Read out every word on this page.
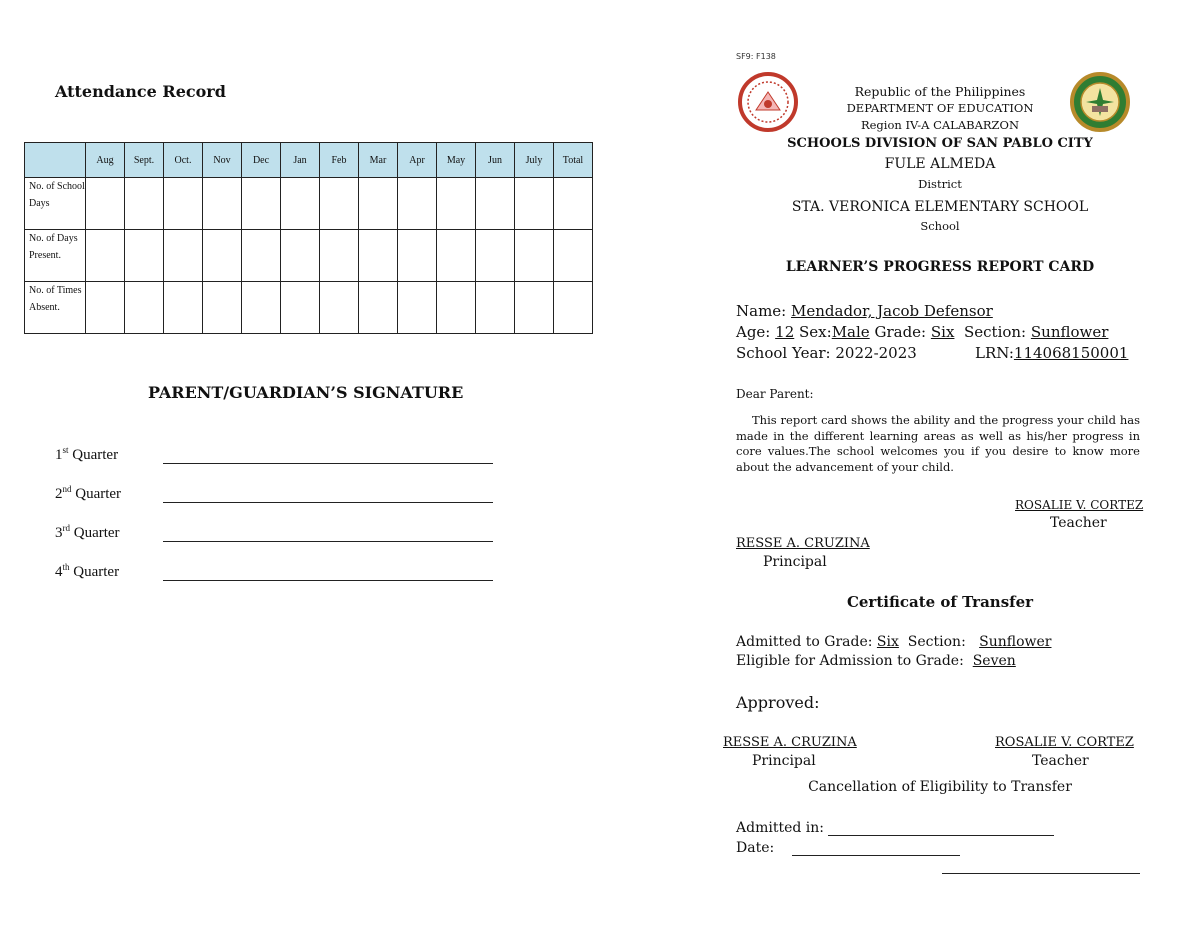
Attendance Record
	Aug	Sept.	Oct.	Nov	Dec	Jan	Feb	Mar	Apr	May	Jun	July	Total
No. of School Days													
No. of Days Present.													
No. of Times Absent.													
PARENT/GUARDIAN’S SIGNATURE
1st Quarter
2nd Quarter
3rd Quarter
4th Quarter
SF9: F138
Republic of the Philippines
DEPARTMENT OF EDUCATION
Region IV-A CALABARZON
SCHOOLS DIVISION OF SAN PABLO CITY
FULE ALMEDA
District
STA. VERONICA ELEMENTARY SCHOOL
School
LEARNER’S PROGRESS REPORT CARD
Name: Mendador, Jacob Defensor
Age: 12 Sex:Male Grade: Six Section: Sunflower
School Year: 2022-2023	LRN:114068150001
Dear Parent:
This report card shows the ability and the progress your child has made in the different learning areas as well as his/her progress in core values.The school welcomes you if you desire to know more about the advancement of your child.
ROSALIE V. CORTEZ
Teacher
RESSE A. CRUZINA
Principal
Certificate of Transfer
Admitted to Grade: Six Section: Sunflower
Eligible for Admission to Grade: Seven
Approved:
RESSE A. CRUZINA
Principal
ROSALIE V. CORTEZ
Teacher
Cancellation of Eligibility to Transfer
Admitted in:
Date:
